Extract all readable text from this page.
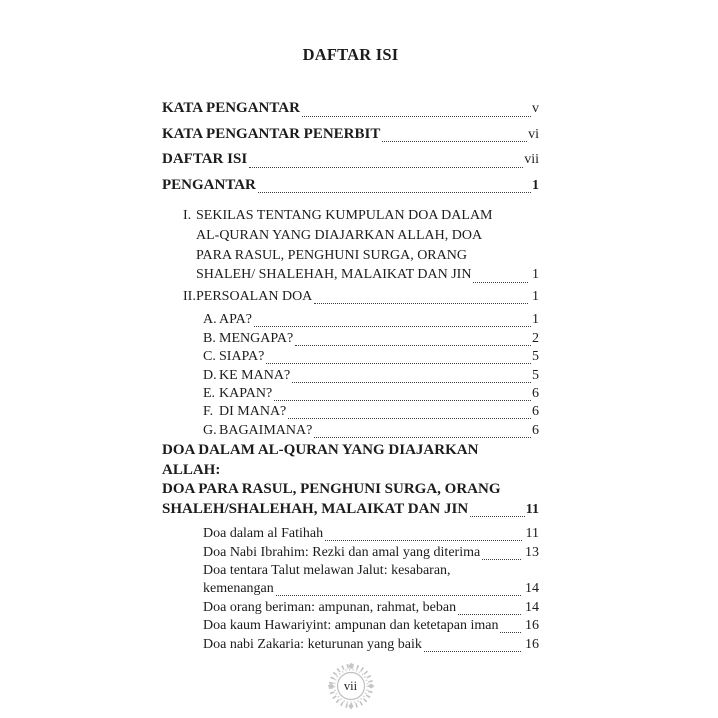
DAFTAR ISI
KATA PENGANTAR	v
KATA PENGANTAR PENERBIT	vi
DAFTAR ISI	vii
PENGANTAR	1
I. SEKILAS TENTANG KUMPULAN DOA DALAM
AL-QURAN YANG DIAJARKAN ALLAH, DOA
PARA RASUL, PENGHUNI SURGA, ORANG
SHALEH/ SHALEHAH, MALAIKAT DAN JIN	1
II. PERSOALAN DOA	1
A. APA?	1
B. MENGAPA?	2
C. SIAPA?	5
D. KE MANA?	5
E. KAPAN?	6
F. DI MANA?	6
G. BAGAIMANA?	6
DOA DALAM AL-QURAN YANG DIAJARKAN ALLAH:
DOA PARA RASUL, PENGHUNI SURGA, ORANG
SHALEH/SHALEHAH, MALAIKAT DAN JIN	11
Doa dalam al Fatihah	11
Doa Nabi Ibrahim: Rezki dan amal yang diterima	13
Doa tentara Talut melawan Jalut: kesabaran,
kemenangan	14
Doa orang beriman: ampunan, rahmat, beban	14
Doa kaum Hawariyint: ampunan dan ketetapan iman 16
Doa nabi Zakaria: keturunan yang baik	16
vii
